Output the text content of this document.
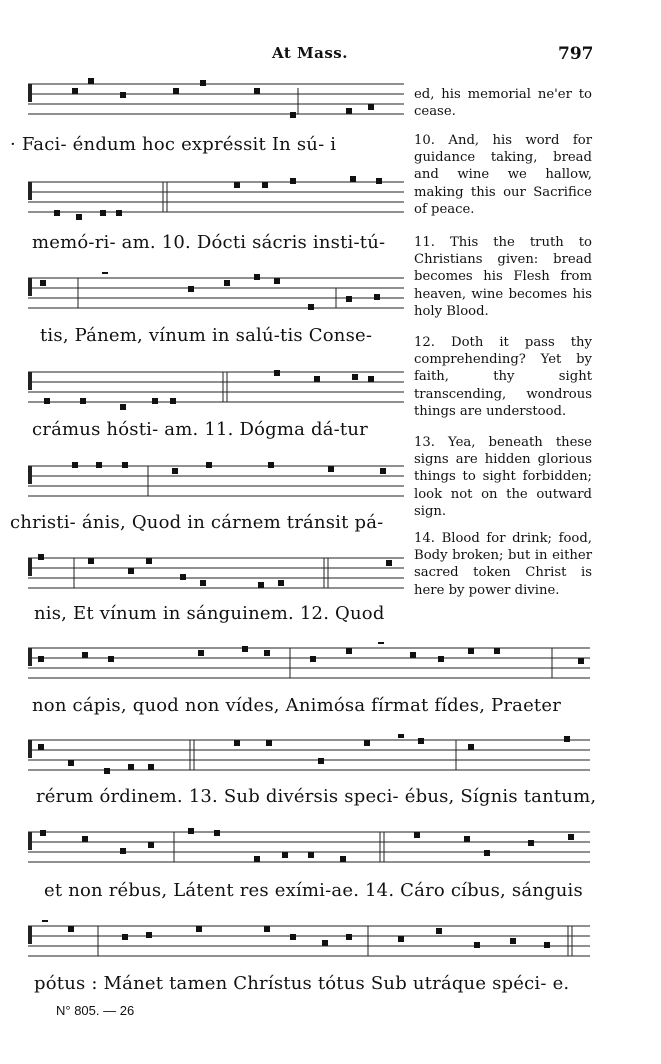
At Mass.	797
· Faci- éndum hoc expréssit In sú- i
memó-ri- am. 10. Dócti sácris insti-tú-
tis, Pánem, vínum in salú-tis Conse-
crámus hósti- am. 11. Dógma dá-tur
christi- ánis, Quod in cárnem tránsit pá-
nis, Et vínum in sánguinem. 12. Quod
non cápis, quod non vídes, Animósa fírmat fídes, Praeter
rérum órdinem. 13. Sub divérsis speci- ébus, Sígnis tantum,
et non rébus, Látent res exími-ae. 14. Cáro cíbus, sánguis
pótus : Mánet tamen Chrístus tótus Sub utráque spéci- e.
ed, his memorial ne'er to cease.
10. And, his word for guidance taking, bread and wine we hallow, making this our Sacrifice of peace.
11. This the truth to Christians given: bread becomes his Flesh from heaven, wine becomes his holy Blood.
12. Doth it pass thy comprehending? Yet by faith, thy sight transcending, wondrous things are understood.
13. Yea, beneath these signs are hidden glorious things to sight forbidden; look not on the outward sign.
14. Blood for drink; food, Body broken; but in either sacred token Christ is here by power divine.
N° 805. — 26
